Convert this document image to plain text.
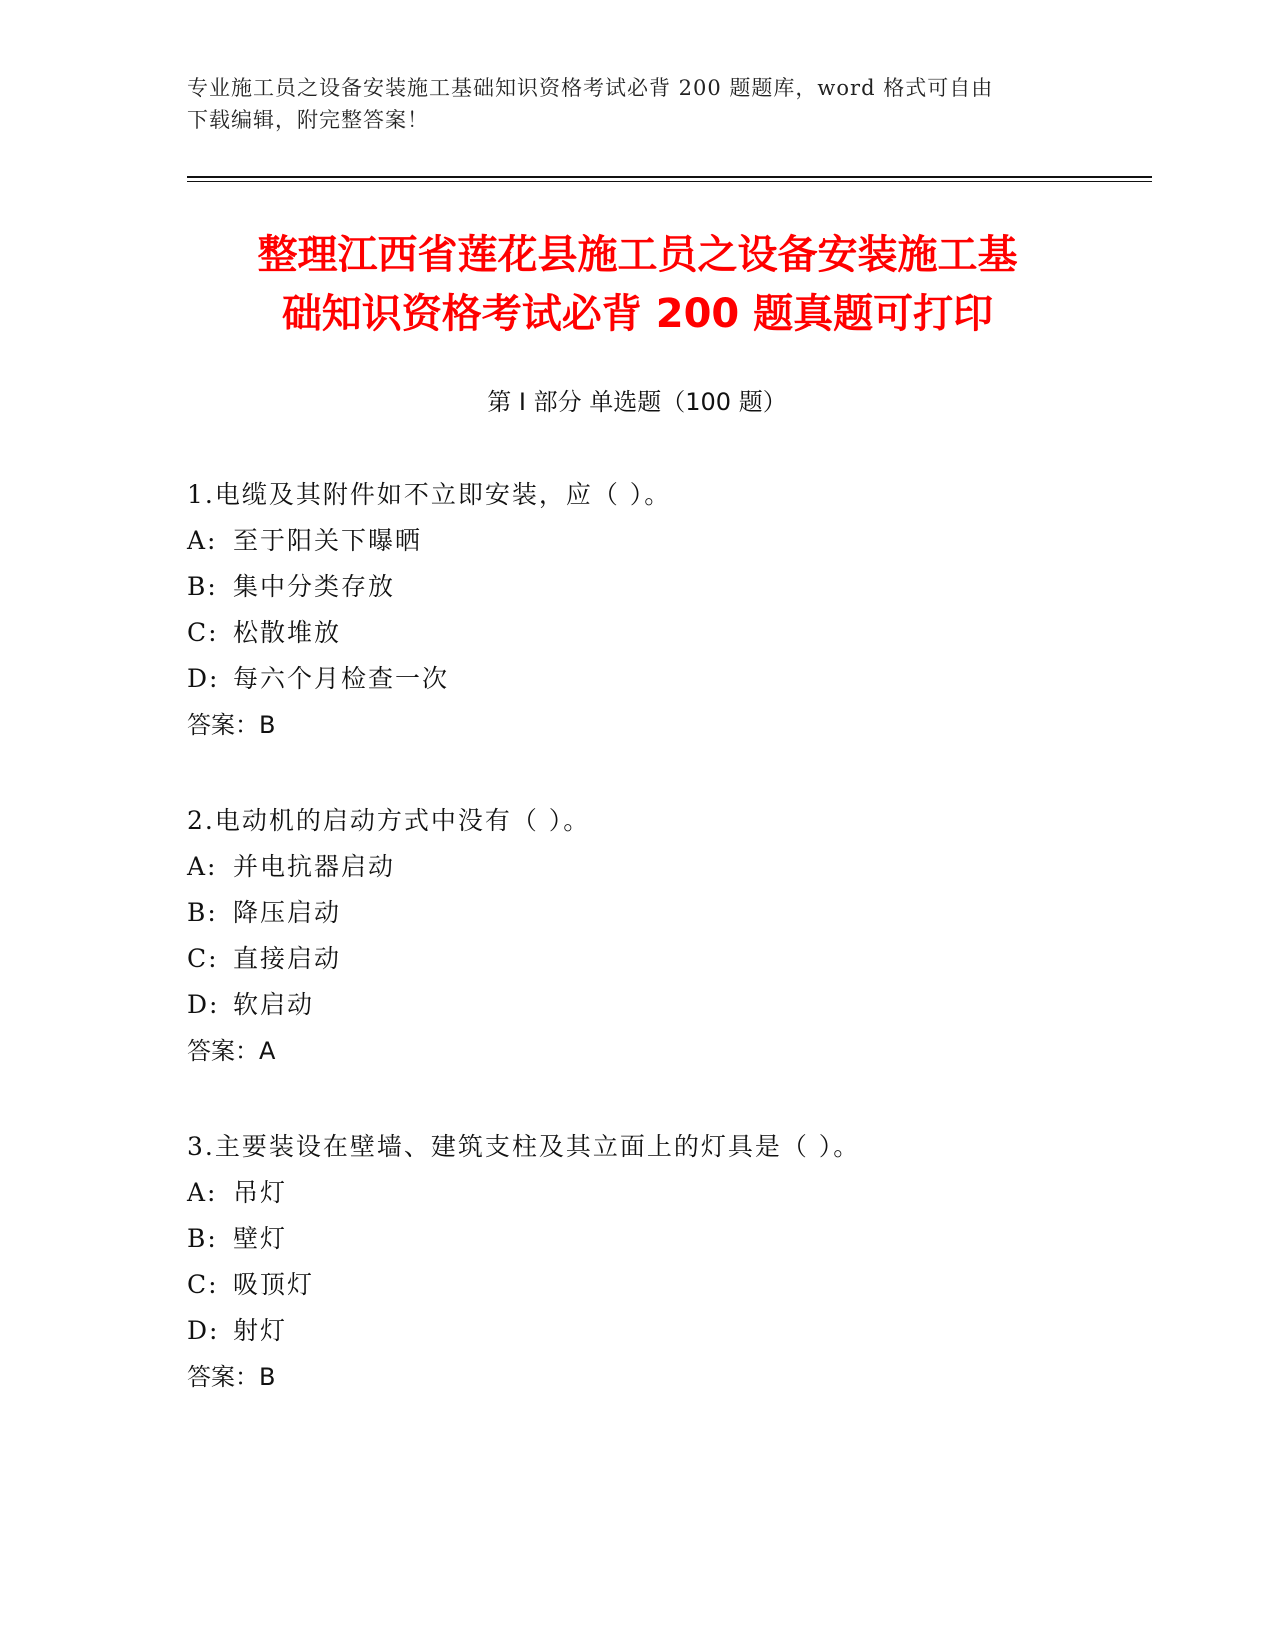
专业施工员之设备安装施工基础知识资格考试必背 200 题题库，word 格式可自由
下载编辑，附完整答案！
整理江西省莲花县施工员之设备安装施工基
础知识资格考试必背 200 题真题可打印
第 I 部分 单选题（100 题）
1.电缆及其附件如不立即安装，应（ ）。
A: 至于阳关下曝晒
B: 集中分类存放
C: 松散堆放
D: 每六个月检查一次
答案：B
2.电动机的启动方式中没有（ ）。
A: 并电抗器启动
B: 降压启动
C: 直接启动
D: 软启动
答案：A
3.主要装设在壁墙、建筑支柱及其立面上的灯具是（ ）。
A: 吊灯
B: 壁灯
C: 吸顶灯
D: 射灯
答案：B
